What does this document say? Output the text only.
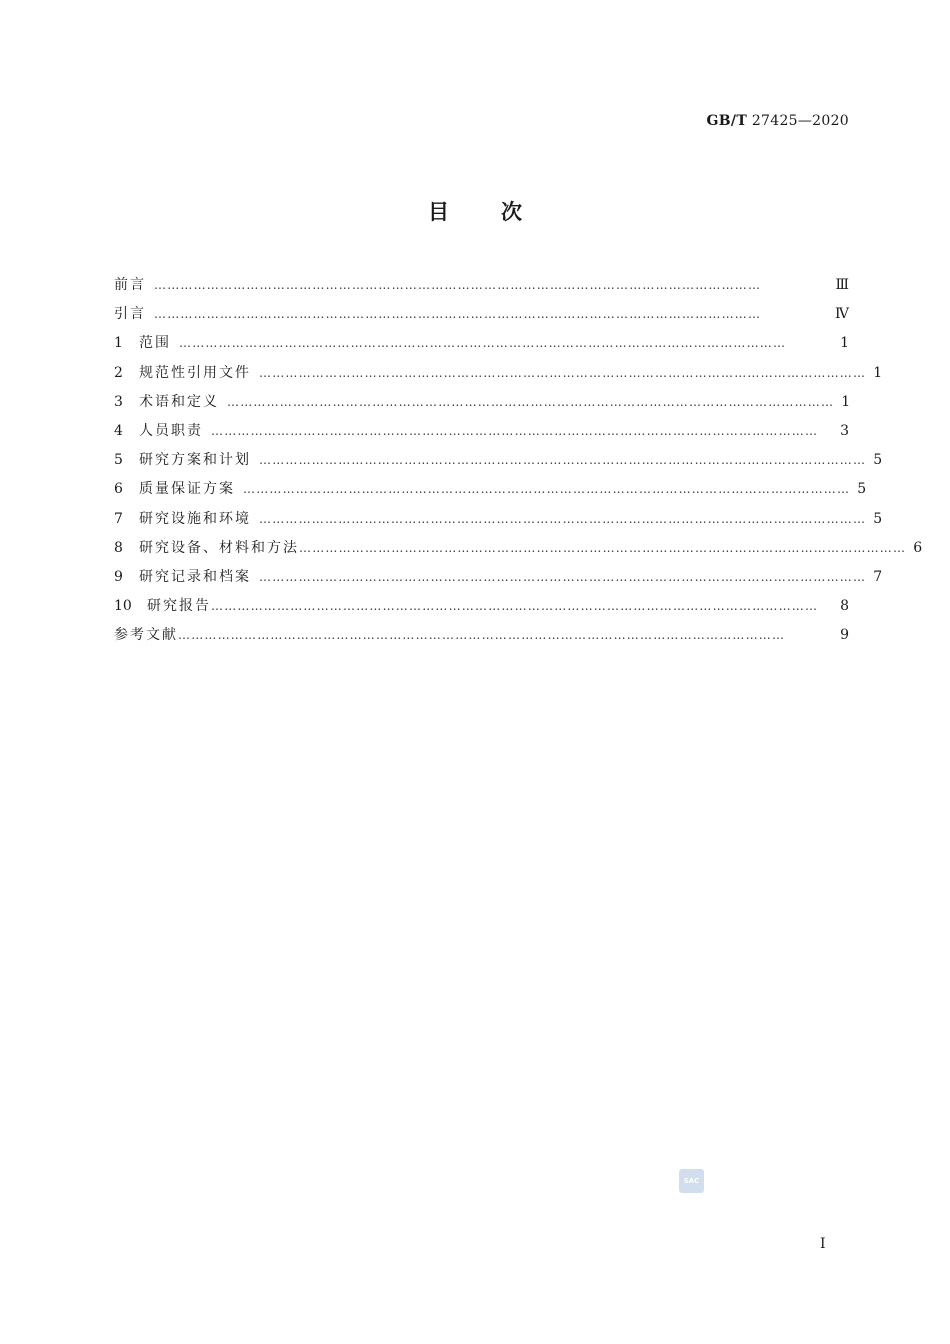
GB/T 27425—2020
目次
前言 …………………………………………………………………………………………………………………………	Ⅲ
引言 …………………………………………………………………………………………………………………………	Ⅳ
1	范围 …………………………………………………………………………………………………………………………	1
2	规范性引用文件 ………………………………………………………………………………………………………………………… 1
3	术语和定义 ………………………………………………………………………………………………………………………… 1
4	人员职责 …………………………………………………………………………………………………………………………	3
5	研究方案和计划 ………………………………………………………………………………………………………………………… 5
6	质量保证方案 ………………………………………………………………………………………………………………………… 5
7	研究设施和环境 ………………………………………………………………………………………………………………………… 5
8	研究设备、材料和方法 ………………………………………………………………………………………………………………………… 6
9	研究记录和档案 ………………………………………………………………………………………………………………………… 7
10	研究报告 …………………………………………………………………………………………………………………………	8
参考文献 …………………………………………………………………………………………………………………………	9
SAC
Ⅰ
